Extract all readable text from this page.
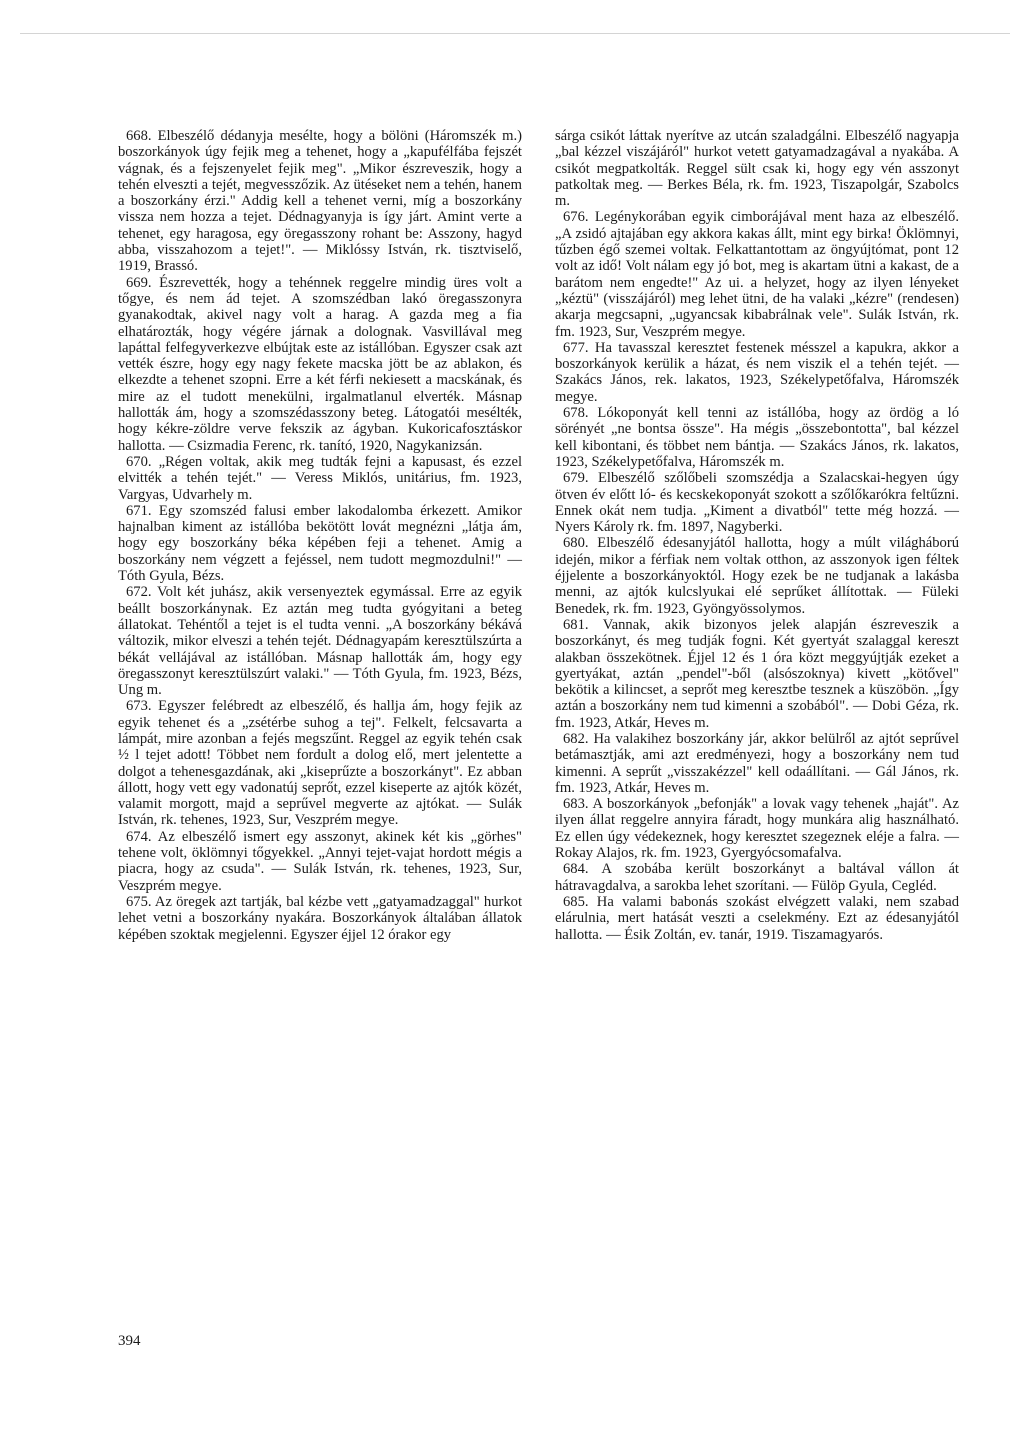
668. Elbeszélő dédanyja mesélte, hogy a bölöni (Háromszék m.) boszorkányok úgy fejik meg a tehenet, hogy a „kapufélfába fejszét vágnak, és a fejszenyelet fejik meg". „Mikor észreveszik, hogy a tehén elveszti a tejét, megvesszőzik. Az ütéseket nem a tehén, hanem a boszorkány érzi." Addig kell a tehenet verni, míg a boszorkány vissza nem hozza a tejet. Dédnagyanyja is így járt. Amint verte a tehenet, egy haragosa, egy öregasszony rohant be: Asszony, hagyd abba, visszahozom a tejet!". — Miklóssy István, rk. tisztviselő, 1919, Brassó.

669. Észrevették, hogy a tehénnek reggelre mindig üres volt a tőgye, és nem ád tejet. A szomszédban lakó öregasszonyra gyanakodtak, akivel nagy volt a harag. A gazda meg a fia elhatározták, hogy végére járnak a dolognak. Vasvillával meg lapáttal felfegyverkezve elbújtak este az istállóban. Egyszer csak azt vették észre, hogy egy nagy fekete macska jött be az ablakon, és elkezdte a tehenet szopni. Erre a két férfi nekiesett a macskának, és mire az el tudott menekülni, irgalmatlanul elverték. Másnap hallották ám, hogy a szomszédasszony beteg. Látogatói mesélték, hogy kékre-zöldre verve fekszik az ágyban. Kukoricafosztáskor hallotta. — Csizmadia Ferenc, rk. tanító, 1920, Nagykanizsán.

670. „Régen voltak, akik meg tudták fejni a kapusast, és ezzel elvitték a tehén tejét." — Veress Miklós, unitárius, fm. 1923, Vargyas, Udvarhely m.

671. Egy szomszéd falusi ember lakodalomba érkezett. Amikor hajnalban kiment az istállóba bekötött lovát megnézni „látja ám, hogy egy boszorkány béka képében feji a tehenet. Amig a boszorkány nem végzett a fejéssel, nem tudott megmozdulni!" — Tóth Gyula, Bézs.

672. Volt két juhász, akik versenyeztek egymással. Erre az egyik beállt boszorkánynak. Ez aztán meg tudta gyógyitani a beteg állatokat. Tehéntől a tejet is el tudta venni. „A boszorkány békává változik, mikor elveszi a tehén tejét. Dédnagyapám keresztülszúrta a békát vellájával az istállóban. Másnap hallották ám, hogy egy öregasszonyt keresztülszúrt valaki." — Tóth Gyula, fm. 1923, Bézs, Ung m.

673. Egyszer felébredt az elbeszélő, és hallja ám, hogy fejik az egyik tehenet és a „zsétérbe suhog a tej". Felkelt, felcsavarta a lámpát, mire azonban a fejés megszűnt. Reggel az egyik tehén csak ½ l tejet adott! Többet nem fordult a dolog elő, mert jelentette a dolgot a tehenesgazdának, aki „kiseprűzte a boszorkányt". Ez abban állott, hogy vett egy vadonatúj seprőt, ezzel kiseperte az ajtók közét, valamit morgott, majd a seprűvel megverte az ajtókat. — Sulák István, rk. tehenes, 1923, Sur, Veszprém megye.

674. Az elbeszélő ismert egy asszonyt, akinek két kis „görhes" tehene volt, öklömnyi tőgyekkel. „Annyi tejet-vajat hordott mégis a piacra, hogy az csuda". — Sulák István, rk. tehenes, 1923, Sur, Veszprém megye.

675. Az öregek azt tartják, bal kézbe vett „gatyamadzaggal" hurkot lehet vetni a boszorkány nyakára. Boszorkányok általában állatok képében szoktak megjelenni. Egyszer éjjel 12 órakor egy

sárga csikót láttak nyerítve az utcán szaladgálni. Elbeszélő nagyapja „bal kézzel viszájáról" hurkot vetett gatyamadzagával a nyakába. A csikót megpatkolták. Reggel sült csak ki, hogy egy vén asszonyt patkoltak meg. — Berkes Béla, rk. fm. 1923, Tiszapolgár, Szabolcs m.

676. Legénykorában egyik cimborájával ment haza az elbeszélő. „A zsidó ajtajában egy akkora kakas állt, mint egy birka! Öklömnyi, tűzben égő szemei voltak. Felkattantottam az öngyújtómat, pont 12 volt az idő! Volt nálam egy jó bot, meg is akartam ütni a kakast, de a barátom nem engedte!" Az ui. a helyzet, hogy az ilyen lényeket „kéztü" (visszájáról) meg lehet ütni, de ha valaki „kézre" (rendesen) akarja megcsapni, „ugyancsak kibabrálnak vele". Sulák István, rk. fm. 1923, Sur, Veszprém megye.

677. Ha tavasszal keresztet festenek mésszel a kapukra, akkor a boszorkányok kerülik a házat, és nem viszik el a tehén tejét. — Szakács János, rek. lakatos, 1923, Székelypetőfalva, Háromszék megye.

678. Lókoponyát kell tenni az istállóba, hogy az ördög a ló sörényét „ne bontsa össze". Ha mégis „összebontotta", bal kézzel kell kibontani, és többet nem bántja. — Szakács János, rk. lakatos, 1923, Székelypetőfalva, Háromszék m.

679. Elbeszélő szőlőbeli szomszédja a Szalacskai-hegyen úgy ötven év előtt ló- és kecskekoponyát szokott a szőlőkarókra feltűzni. Ennek okát nem tudja. „Kiment a divatból" tette még hozzá. — Nyers Károly rk. fm. 1897, Nagyberki.

680. Elbeszélő édesanyjától hallotta, hogy a múlt világháború idején, mikor a férfiak nem voltak otthon, az asszonyok igen féltek éjjelente a boszorkányoktól. Hogy ezek be ne tudjanak a lakásba menni, az ajtók kulcslyukai elé seprűket állítottak. — Füleki Benedek, rk. fm. 1923, Gyöngyössolymos.

681. Vannak, akik bizonyos jelek alapján észreveszik a boszorkányt, és meg tudják fogni. Két gyertyát szalaggal kereszt alakban összekötnek. Éjjel 12 és 1 óra közt meggyújtják ezeket a gyertyákat, aztán „pendel"-ből (alsószoknya) kivett „kötővel" bekötik a kilincset, a seprőt meg keresztbe tesznek a küszöbön. „Így aztán a boszorkány nem tud kimenni a szobából". — Dobi Géza, rk. fm. 1923, Atkár, Heves m.

682. Ha valakihez boszorkány jár, akkor belülről az ajtót seprűvel betámasztják, ami azt eredményezi, hogy a boszorkány nem tud kimenni. A seprűt „visszakézzel" kell odaállítani. — Gál János, rk. fm. 1923, Atkár, Heves m.

683. A boszorkányok „befonják" a lovak vagy tehenek „haját". Az ilyen állat reggelre annyira fáradt, hogy munkára alig használható. Ez ellen úgy védekeznek, hogy keresztet szegeznek eléje a falra. — Rokay Alajos, rk. fm. 1923, Gyergyócsomafalva.

684. A szobába került boszorkányt a baltával vállon át hátravagdalva, a sarokba lehet szorítani. — Fülöp Gyula, Cegléd.

685. Ha valami babonás szokást elvégzett valaki, nem szabad elárulnia, mert hatását veszti a cselekmény. Ezt az édesanyjától hallotta. — Ésik Zoltán, ev. tanár, 1919. Tiszamagyarós.

394
